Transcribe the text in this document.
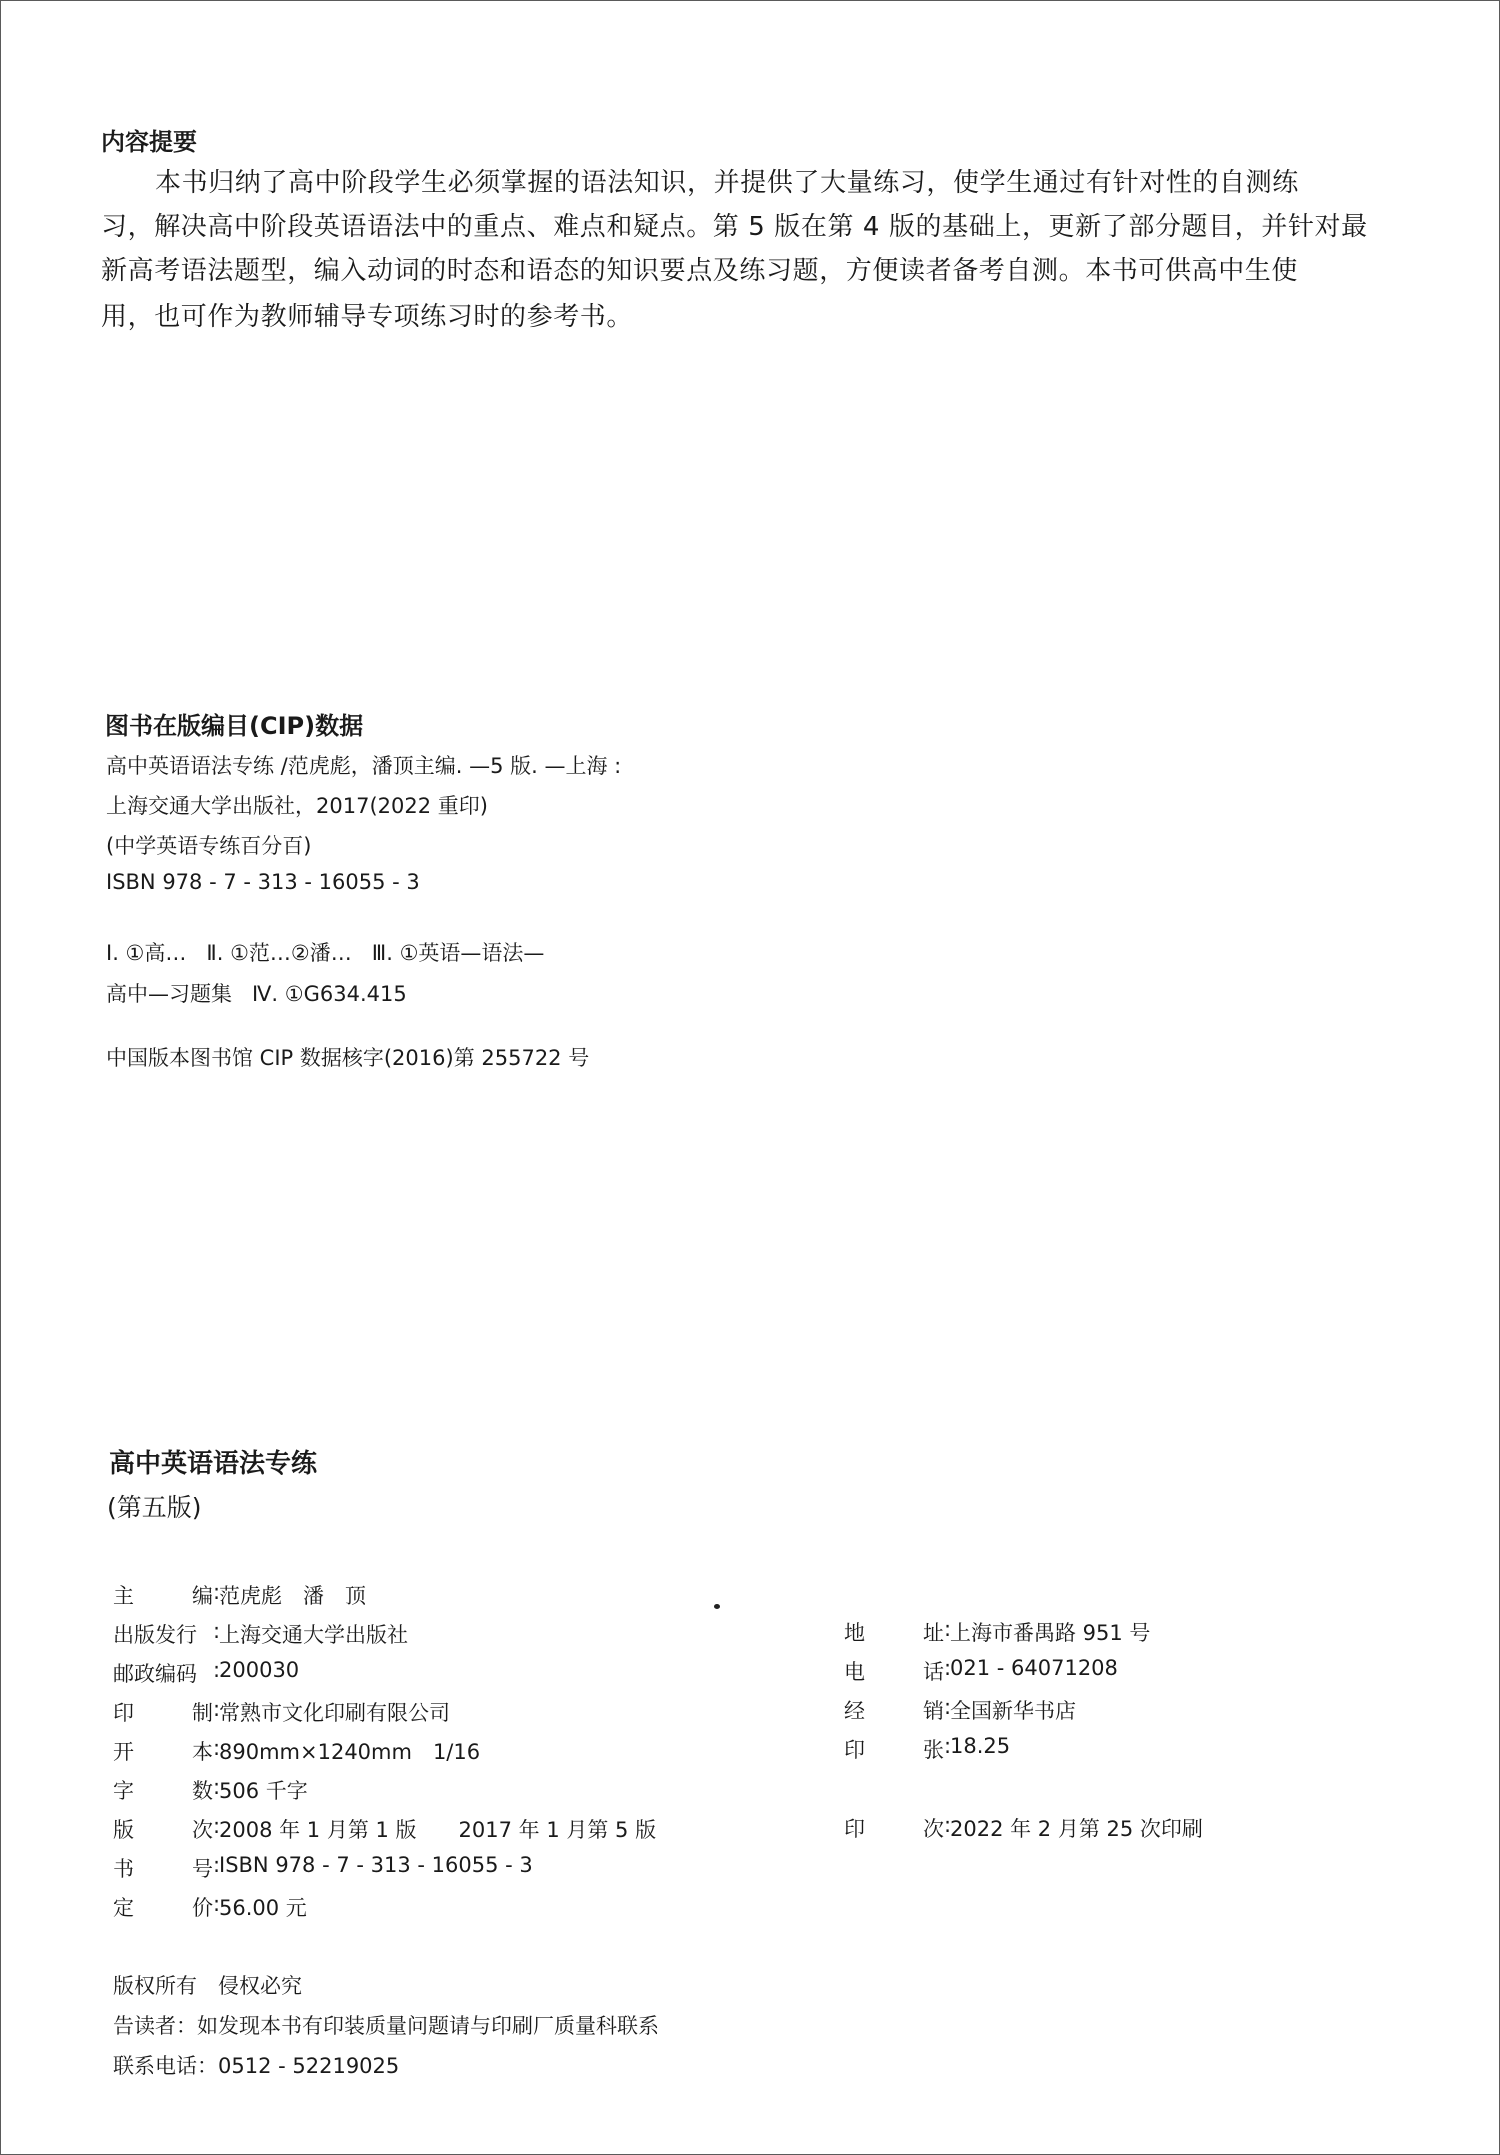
内容提要
本书归纳了高中阶段学生必须掌握的语法知识，并提供了大量练习，使学生通过有针对性的自测练
习，解决高中阶段英语语法中的重点、难点和疑点。第 5 版在第 4 版的基础上，更新了部分题目，并针对最
新高考语法题型，编入动词的时态和语态的知识要点及练习题，方便读者备考自测。本书可供高中生使
用，也可作为教师辅导专项练习时的参考书。
图书在版编目(CIP)数据
高中英语语法专练 /范虎彪，潘顶主编. —5 版. —上海 :
上海交通大学出版社，2017(2022 重印)
(中学英语专练百分百)
ISBN 978 - 7 - 313 - 16055 - 3
Ⅰ. ①高…   Ⅱ. ①范…②潘…   Ⅲ. ①英语—语法—
高中—习题集   Ⅳ. ①G634.415
中国版本图书馆 CIP 数据核字(2016)第 255722 号
高中英语语法专练
(第五版)
主	编 :
范虎彪　潘　顶
出版发行 :
上海交通大学出版社
邮政编码 :
200030
印	制 :
常熟市文化印刷有限公司
开	本 :
890mm×1240mm　1/16
字	数 :
506 千字
版	次 :
2008 年 1 月第 1 版　　2017 年 1 月第 5 版
书	号 :
ISBN 978 - 7 - 313 - 16055 - 3
定	价 :
56.00 元
地	址 :
上海市番禺路 951 号
电	话 :
021 - 64071208
经	销 :
全国新华书店
印	张 :
18.25
印	次 :
2022 年 2 月第 25 次印刷
版权所有　侵权必究
告读者：如发现本书有印装质量问题请与印刷厂质量科联系
联系电话：0512 - 52219025
